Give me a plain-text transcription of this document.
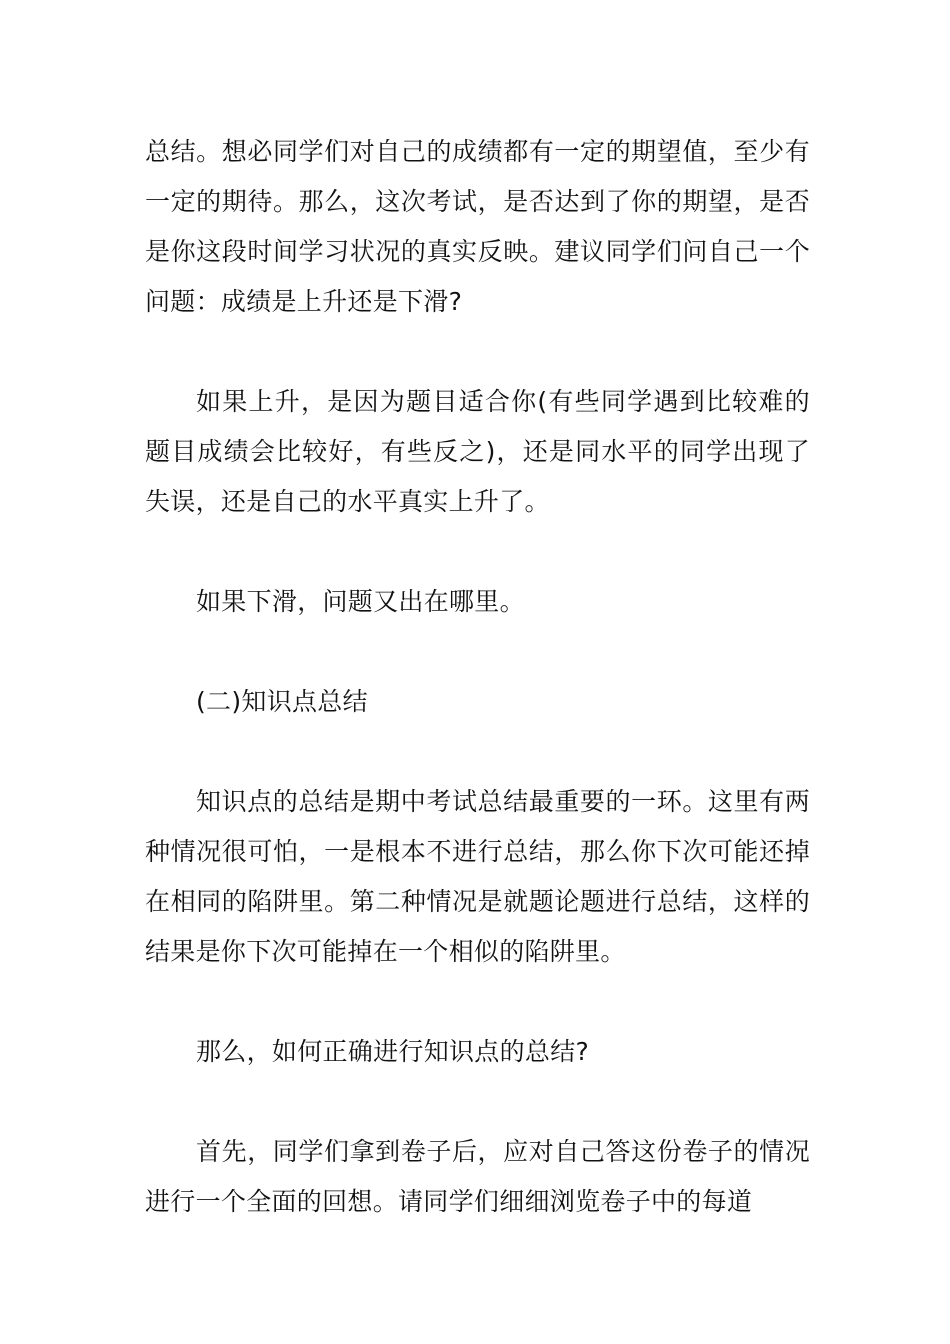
总结。想必同学们对自己的成绩都有一定的期望值，至少有一定的期待。那么，这次考试，是否达到了你的期望，是否是你这段时间学习状况的真实反映。建议同学们问自己一个问题：成绩是上升还是下滑?

如果上升，是因为题目适合你(有些同学遇到比较难的题目成绩会比较好，有些反之)，还是同水平的同学出现了失误，还是自己的水平真实上升了。

如果下滑，问题又出在哪里。

(二)知识点总结

知识点的总结是期中考试总结最重要的一环。这里有两种情况很可怕，一是根本不进行总结，那么你下次可能还掉在相同的陷阱里。第二种情况是就题论题进行总结，这样的结果是你下次可能掉在一个相似的陷阱里。

那么，如何正确进行知识点的总结?

首先，同学们拿到卷子后，应对自己答这份卷子的情况进行一个全面的回想。请同学们细细浏览卷子中的每道
